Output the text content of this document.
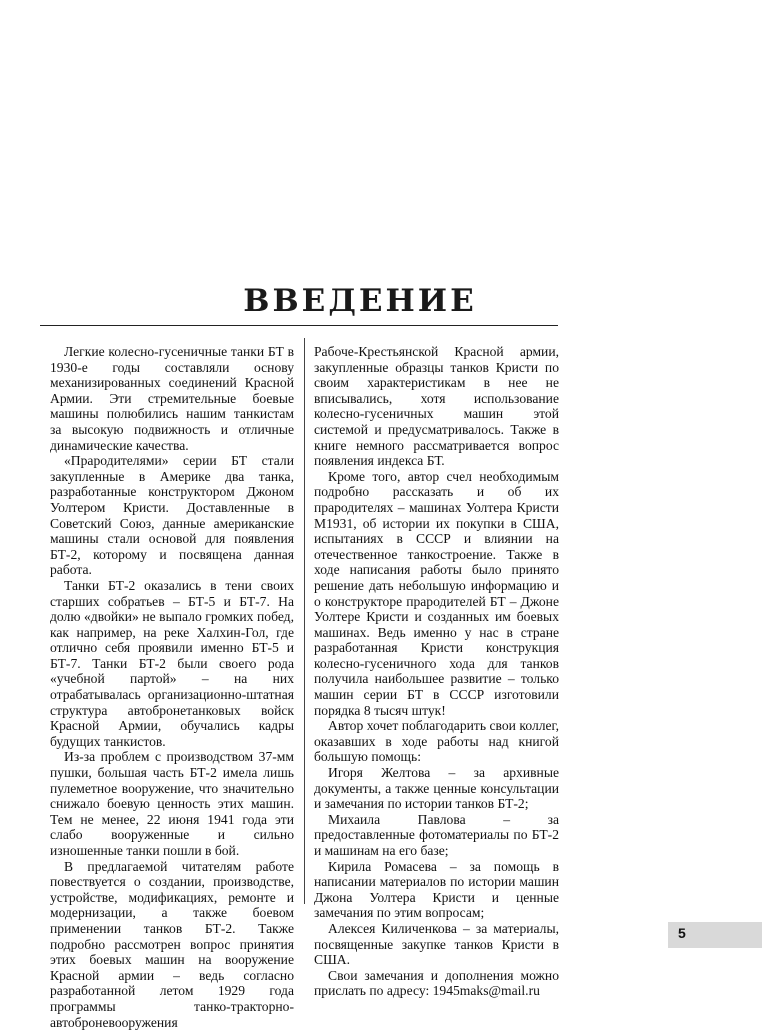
ВВЕДЕНИЕ

Легкие колесно-гусеничные танки БТ в 1930-е годы составляли основу механизированных соединений Красной Армии. Эти стремительные боевые машины полюбились нашим танкистам за высокую подвижность и отличные динамические качества.

«Прародителями» серии БТ стали закупленные в Америке два танка, разработанные конструктором Джоном Уолтером Кристи. Доставленные в Советский Союз, данные американские машины стали основой для появления БТ-2, которому и посвящена данная работа.

Танки БТ-2 оказались в тени своих старших собратьев – БТ-5 и БТ-7. На долю «двойки» не выпало громких побед, как например, на реке Халхин-Гол, где отлично себя проявили именно БТ-5 и БТ-7. Танки БТ-2 были своего рода «учебной партой» – на них отрабатывалась организационно-штатная структура автобронетанковых войск Красной Армии, обучались кадры будущих танкистов.

Из-за проблем с производством 37-мм пушки, большая часть БТ-2 имела лишь пулеметное вооружение, что значительно снижало боевую ценность этих машин. Тем не менее, 22 июня 1941 года эти слабо вооруженные и сильно изношенные танки пошли в бой.

В предлагаемой читателям работе повествуется о создании, производстве, устройстве, модификациях, ремонте и модернизации, а также боевом применении танков БТ-2. Также подробно рассмотрен вопрос принятия этих боевых машин на вооружение Красной армии – ведь согласно разработанной летом 1929 года программы танко-тракторно-автоброневооружения

Рабоче-Крестьянской Красной армии, закупленные образцы танков Кристи по своим характеристикам в нее не вписывались, хотя использование колесно-гусеничных машин этой системой и предусматривалось. Также в книге немного рассматривается вопрос появления индекса БТ.

Кроме того, автор счел необходимым подробно рассказать и об их прародителях – машинах Уолтера Кристи М1931, об истории их покупки в США, испытаниях в СССР и влиянии на отечественное танкостроение. Также в ходе написания работы было принято решение дать небольшую информацию и о конструкторе прародителей БТ – Джоне Уолтере Кристи и созданных им боевых машинах. Ведь именно у нас в стране разработанная Кристи конструкция колесно-гусеничного хода для танков получила наибольшее развитие – только машин серии БТ в СССР изготовили порядка 8 тысяч штук!

Автор хочет поблагодарить свои коллег, оказавших в ходе работы над книгой большую помощь:

Игоря Желтова – за архивные документы, а также ценные консультации и замечания по истории танков БТ-2;

Михаила Павлова – за предоставленные фотоматериалы по БТ-2 и машинам на его базе;

Кирила Ромасева – за помощь в написании материалов по истории машин Джона Уолтера Кристи и ценные замечания по этим вопросам;

Алексея Киличенкова – за материалы, посвященные закупке танков Кристи в США.

Свои замечания и дополнения можно прислать по адресу: 1945maks@mail.ru

5
